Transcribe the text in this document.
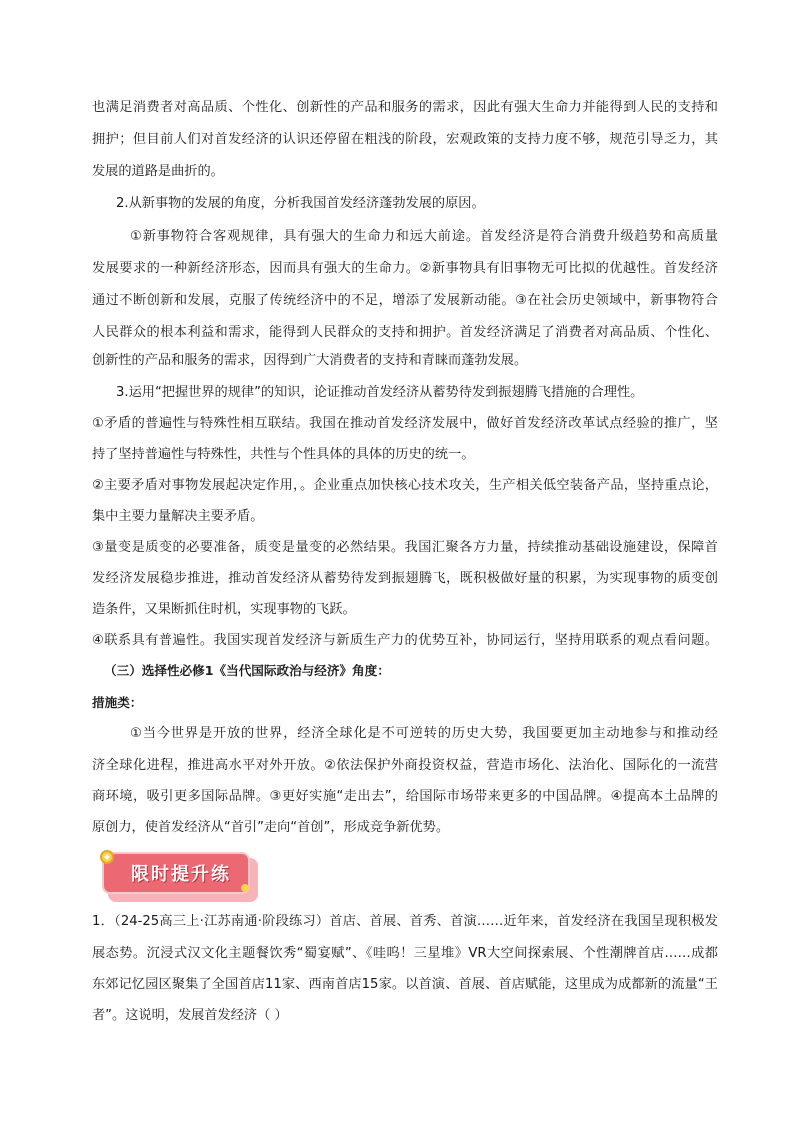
也满足消费者对高品质、个性化、创新性的产品和服务的需求，因此有强大生命力并能得到人民的支持和
拥护；但目前人们对首发经济的认识还停留在粗浅的阶段，宏观政策的支持力度不够，规范引导乏力，其
发展的道路是曲折的。
2.从新事物的发展的角度，分析我国首发经济蓬勃发展的原因。
①新事物符合客观规律，具有强大的生命力和远大前途。首发经济是符合消费升级趋势和高质量
发展要求的一种新经济形态，因而具有强大的生命力。②新事物具有旧事物无可比拟的优越性。首发经济
通过不断创新和发展，克服了传统经济中的不足，增添了发展新动能。③在社会历史领域中，新事物符合
人民群众的根本利益和需求，能得到人民群众的支持和拥护。首发经济满足了消费者对高品质、个性化、
创新性的产品和服务的需求，因得到广大消费者的支持和青睐而蓬勃发展。
3.运用“把握世界的规律”的知识，论证推动首发经济从蓄势待发到振翅腾飞措施的合理性。
①矛盾的普遍性与特殊性相互联结。我国在推动首发经济发展中，做好首发经济改革试点经验的推广，坚
持了坚持普遍性与特殊性，共性与个性具体的具体的历史的统一。
②主要矛盾对事物发展起决定作用，。企业重点加快核心技术攻关，生产相关低空装备产品，坚持重点论，
集中主要力量解决主要矛盾。
③量变是质变的必要准备，质变是量变的必然结果。我国汇聚各方力量，持续推动基础设施建设，保障首
发经济发展稳步推进，推动首发经济从蓄势待发到振翅腾飞，既积极做好量的积累，为实现事物的质变创
造条件，又果断抓住时机，实现事物的飞跃。
④联系具有普遍性。我国实现首发经济与新质生产力的优势互补，协同运行，坚持用联系的观点看问题。
（三）选择性必修1《当代国际政治与经济》角度：
措施类：
①当今世界是开放的世界，经济全球化是不可逆转的历史大势，我国要更加主动地参与和推动经
济全球化进程，推进高水平对外开放。②依法保护外商投资权益，营造市场化、法治化、国际化的一流营
商环境，吸引更多国际品牌。③更好实施“走出去”，给国际市场带来更多的中国品牌。④提高本土品牌的
原创力，使首发经济从“首引”走向“首创”，形成竞争新优势。
限时提升练
1．（24-25高三上·江苏南通·阶段练习）首店、首展、首秀、首演……近年来，首发经济在我国呈现积极发
展态势。沉浸式汉文化主题餐饮秀“蜀宴赋”、《哇呜！三星堆》VR大空间探索展、个性潮牌首店……成都
东郊记忆园区聚集了全国首店11家、西南首店15家。以首演、首展、首店赋能，这里成为成都新的流量“王
者”。这说明，发展首发经济（ ）
